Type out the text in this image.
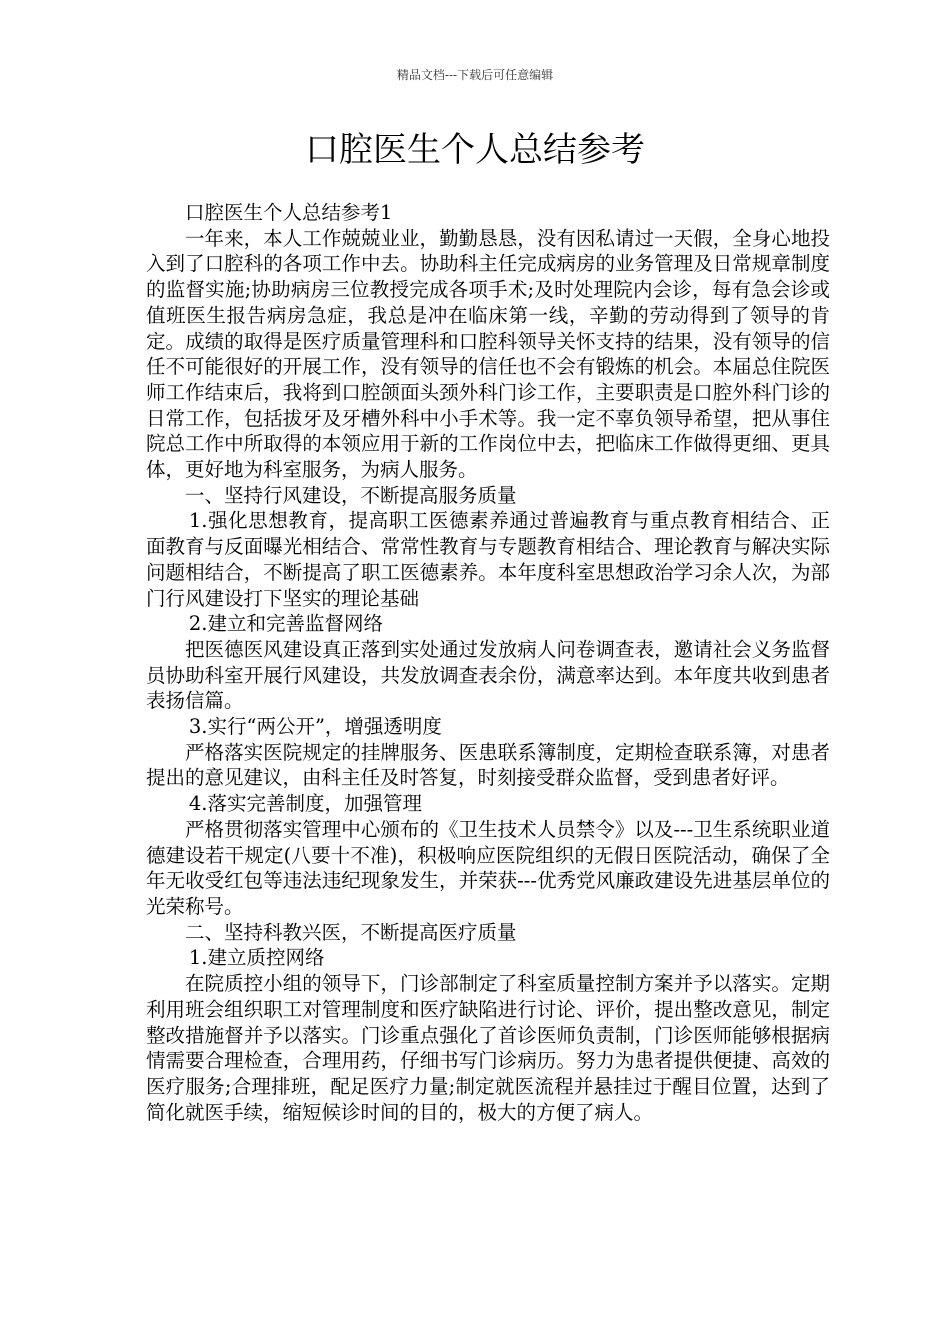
精品文档---下载后可任意编辑
口腔医生个人总结参考

口腔医生个人总结参考1

一年来，本人工作兢兢业业，勤勤恳恳，没有因私请过一天假，全身心地投入到了口腔科的各项工作中去。协助科主任完成病房的业务管理及日常规章制度的监督实施;协助病房三位教授完成各项手术;及时处理院内会诊，每有急会诊或值班医生报告病房急症，我总是冲在临床第一线，辛勤的劳动得到了领导的肯定。成绩的取得是医疗质量管理科和口腔科领导关怀支持的结果，没有领导的信任不可能很好的开展工作，没有领导的信任也不会有锻炼的机会。本届总住院医师工作结束后，我将到口腔颌面头颈外科门诊工作，主要职责是口腔外科门诊的日常工作，包括拔牙及牙槽外科中小手术等。我一定不辜负领导希望，把从事住院总工作中所取得的本领应用于新的工作岗位中去，把临床工作做得更细、更具体，更好地为科室服务，为病人服务。

一、坚持行风建设，不断提高服务质量

1.强化思想教育，提高职工医德素养通过普遍教育与重点教育相结合、正面教育与反面曝光相结合、常常性教育与专题教育相结合、理论教育与解决实际问题相结合，不断提高了职工医德素养。本年度科室思想政治学习余人次，为部门行风建设打下坚实的理论基础

2.建立和完善监督网络

把医德医风建设真正落到实处通过发放病人问卷调查表，邀请社会义务监督员协助科室开展行风建设，共发放调查表余份，满意率达到。本年度共收到患者表扬信篇。

3.实行“两公开”，增强透明度

严格落实医院规定的挂牌服务、医患联系簿制度，定期检查联系簿，对患者提出的意见建议，由科主任及时答复，时刻接受群众监督，受到患者好评。

4.落实完善制度，加强管理

严格贯彻落实管理中心颁布的《卫生技术人员禁令》以及---卫生系统职业道德建设若干规定(八要十不准)，积极响应医院组织的无假日医院活动，确保了全年无收受红包等违法违纪现象发生，并荣获---优秀党风廉政建设先进基层单位的光荣称号。

二、坚持科教兴医，不断提高医疗质量

1.建立质控网络

在院质控小组的领导下，门诊部制定了科室质量控制方案并予以落实。定期利用班会组织职工对管理制度和医疗缺陷进行讨论、评价，提出整改意见，制定整改措施督并予以落实。门诊重点强化了首诊医师负责制，门诊医师能够根据病情需要合理检查，合理用药，仔细书写门诊病历。努力为患者提供便捷、高效的医疗服务;合理排班，配足医疗力量;制定就医流程并悬挂过于醒目位置，达到了简化就医手续，缩短候诊时间的目的，极大的方便了病人。
